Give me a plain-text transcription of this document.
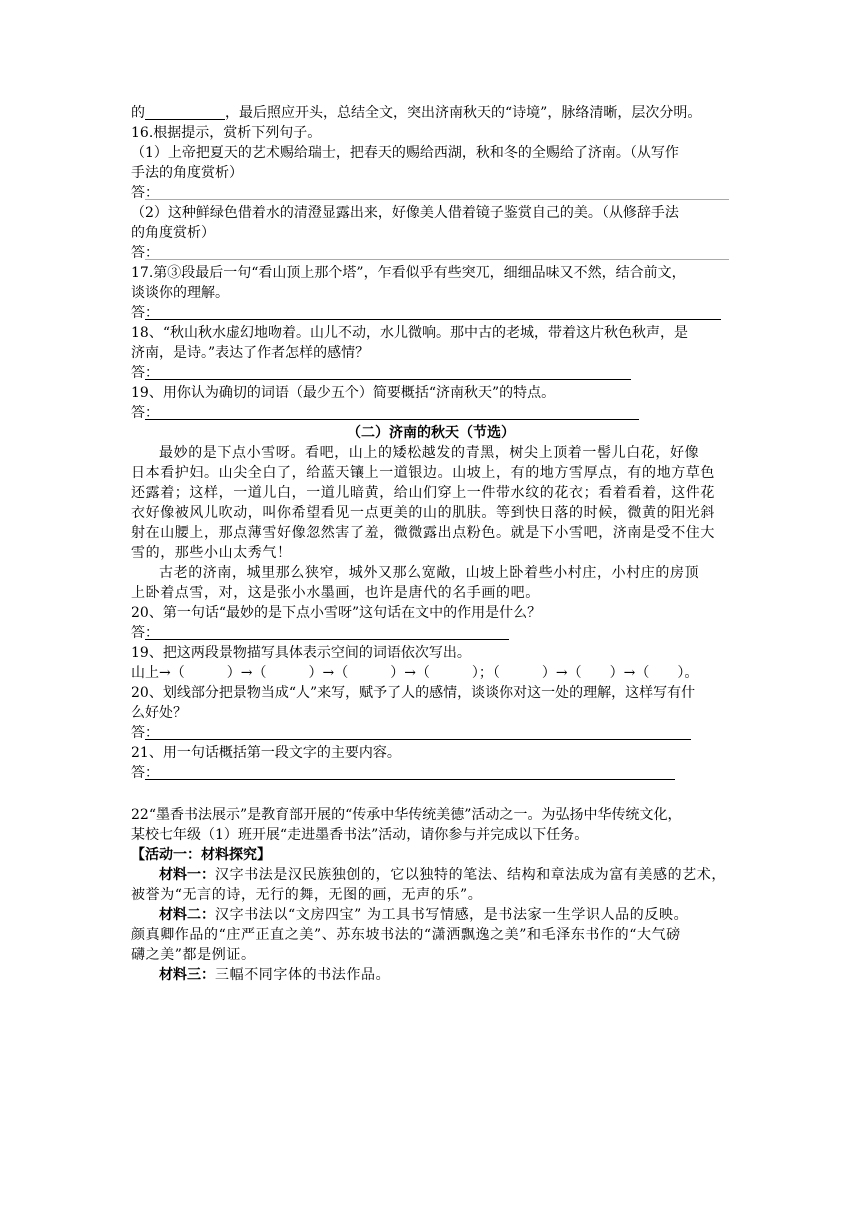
的	，最后照应开头，总结全文，突出济南秋天的“诗境”，脉络清晰，层次分明。
16.根据提示，赏析下列句子。
（1）上帝把夏天的艺术赐给瑞士，把春天的赐给西湖，秋和冬的全赐给了济南。（从写作
手法的角度赏析）
答：
（2）这种鲜绿色借着水的清澄显露出来，好像美人借着镜子鉴赏自己的美。（从修辞手法
的角度赏析）
答：
17.第③段最后一句“看山顶上那个塔”，乍看似乎有些突兀，细细品味又不然，结合前文，
谈谈你的理解。
答：
18、“秋山秋水虚幻地吻着。山儿不动，水儿微响。那中古的老城，带着这片秋色秋声，是
济南，是诗。”表达了作者怎样的感情？
答：
19、用你认为确切的词语（最少五个）简要概括“济南秋天”的特点。
答：
（二）济南的秋天（节选）
最妙的是下点小雪呀。看吧，山上的矮松越发的青黑，树尖上顶着一髻儿白花，好像
日本看护妇。山尖全白了，给蓝天镶上一道银边。山坡上，有的地方雪厚点，有的地方草色
还露着；这样，一道儿白，一道儿暗黄，给山们穿上一件带水纹的花衣；看着看着，这件花
衣好像被风儿吹动，叫你希望看见一点更美的山的肌肤。等到快日落的时候，微黄的阳光斜
射在山腰上，那点薄雪好像忽然害了羞，微微露出点粉色。就是下小雪吧，济南是受不住大
雪的，那些小山太秀气！
古老的济南，城里那么狭窄，城外又那么宽敞，山坡上卧着些小村庄，小村庄的房顶
上卧着点雪，对，这是张小水墨画，也许是唐代的名手画的吧。
20、第一句话“最妙的是下点小雪呀”这句话在文中的作用是什么？
答：
19、把这两段景物描写具体表示空间的词语依次写出。
山上→（　　　）→（　　　）→（　　　）→（　　　）；（　　　）→（　　）→（　　）。
20、划线部分把景物当成“人”来写，赋予了人的感情，谈谈你对这一处的理解，这样写有什
么好处？
答：
21、用一句话概括第一段文字的主要内容。
答：
22“墨香书法展示”是教育部开展的“传承中华传统美德”活动之一。为弘扬中华传统文化，
某校七年级（1）班开展“走进墨香书法”活动，请你参与并完成以下任务。
【活动一：材料探究】
材料一：汉字书法是汉民族独创的，它以独特的笔法、结构和章法成为富有美感的艺术，
被誉为“无言的诗，无行的舞，无图的画，无声的乐”。
材料二：汉字书法以“文房四宝” 为工具书写情感，是书法家一生学识人品的反映。
颜真卿作品的“庄严正直之美”、苏东坡书法的“潇洒飘逸之美”和毛泽东书作的“大气磅
礴之美”都是例证。
材料三：三幅不同字体的书法作品。
